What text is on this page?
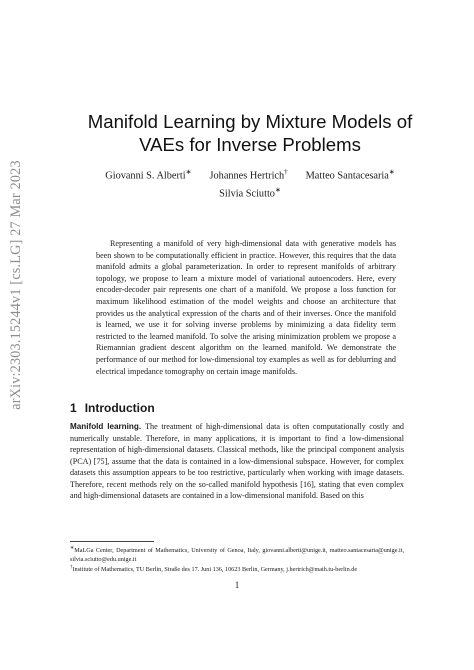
arXiv:2303.15244v1 [cs.LG] 27 Mar 2023
Manifold Learning by Mixture Models of
VAEs for Inverse Problems
Giovanni S. Alberti∗ Johannes Hertrich† Matteo Santacesaria∗
Silvia Sciutto∗
Representing a manifold of very high-dimensional data with generative models has been shown to be computationally efficient in practice. However, this requires that the data manifold admits a global parameterization. In order to represent manifolds of arbitrary topology, we propose to learn a mixture model of variational autoencoders. Here, every encoder-decoder pair represents one chart of a manifold. We propose a loss function for maximum likelihood estimation of the model weights and choose an architecture that provides us the analytical expression of the charts and of their inverses. Once the manifold is learned, we use it for solving inverse problems by minimizing a data fidelity term restricted to the learned manifold. To solve the arising minimization problem we propose a Riemannian gradient descent algorithm on the learned manifold. We demonstrate the performance of our method for low-dimensional toy examples as well as for deblurring and electrical impedance tomography on certain image manifolds.
1 Introduction
Manifold learning. The treatment of high-dimensional data is often computationally costly and numerically unstable. Therefore, in many applications, it is important to find a low-dimensional representation of high-dimensional datasets. Classical methods, like the principal component analysis (PCA) [75], assume that the data is contained in a low-dimensional subspace. However, for complex datasets this assumption appears to be too restrictive, particularly when working with image datasets. Therefore, recent methods rely on the so-called manifold hypothesis [16], stating that even complex and high-dimensional datasets are contained in a low-dimensional manifold. Based on this

∗MaLGa Center, Department of Mathematics, University of Genoa, Italy, giovanni.alberti@unige.it, matteo.santacesaria@unige.it, silvia.sciutto@edu.unige.it

†Institute of Mathematics, TU Berlin, Straße des 17. Juni 136, 10623 Berlin, Germany, j.hertrich@math.tu-berlin.de

1
